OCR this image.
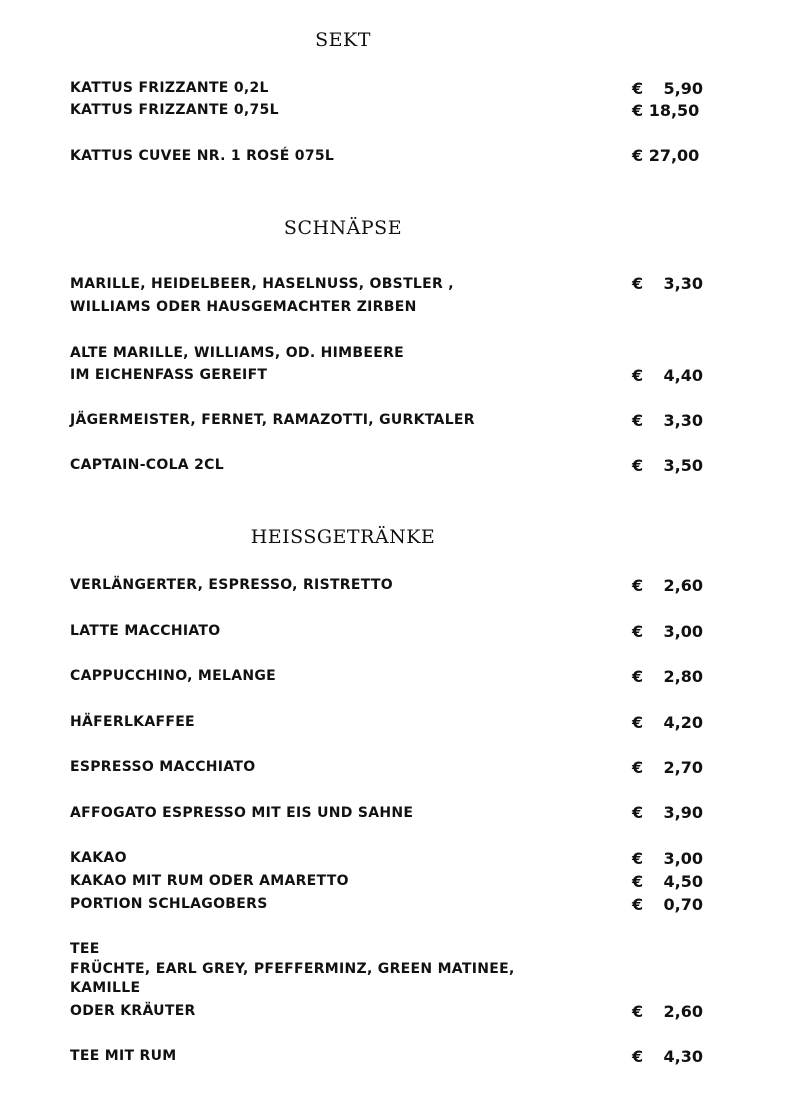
SEKT
KATTUS FRIZZANTE 0,2L	€ 5,90
KATTUS FRIZZANTE 0,75L	€ 18,50
KATTUS CUVEE NR. 1 ROSÉ 075L	€ 27,00
SCHNÄPSE
MARILLE, HEIDELBEER, HASELNUSS, OBSTLER ,	€ 3,30
WILLIAMS ODER HAUSGEMACHTER ZIRBEN
ALTE MARILLE, WILLIAMS, OD. HIMBEERE
IM EICHENFASS GEREIFT	€ 4,40
JÄGERMEISTER, FERNET, RAMAZOTTI, GURKTALER	€ 3,30
CAPTAIN-COLA 2CL	€ 3,50
HEISSGETRÄNKE
VERLÄNGERTER, ESPRESSO, RISTRETTO	€ 2,60
LATTE MACCHIATO	€ 3,00
CAPPUCCHINO, MELANGE	€ 2,80
HÄFERLKAFFEE	€ 4,20
ESPRESSO MACCHIATO	€ 2,70
AFFOGATO ESPRESSO MIT EIS UND SAHNE	€ 3,90
KAKAO	€ 3,00
KAKAO MIT RUM ODER AMARETTO	€ 4,50
PORTION SCHLAGOBERS	€ 0,70
TEE
FRÜCHTE, EARL GREY, PFEFFERMINZ, GREEN MATINEE,
KAMILLE
ODER KRÄUTER	€ 2,60
TEE MIT RUM	€ 4,30
